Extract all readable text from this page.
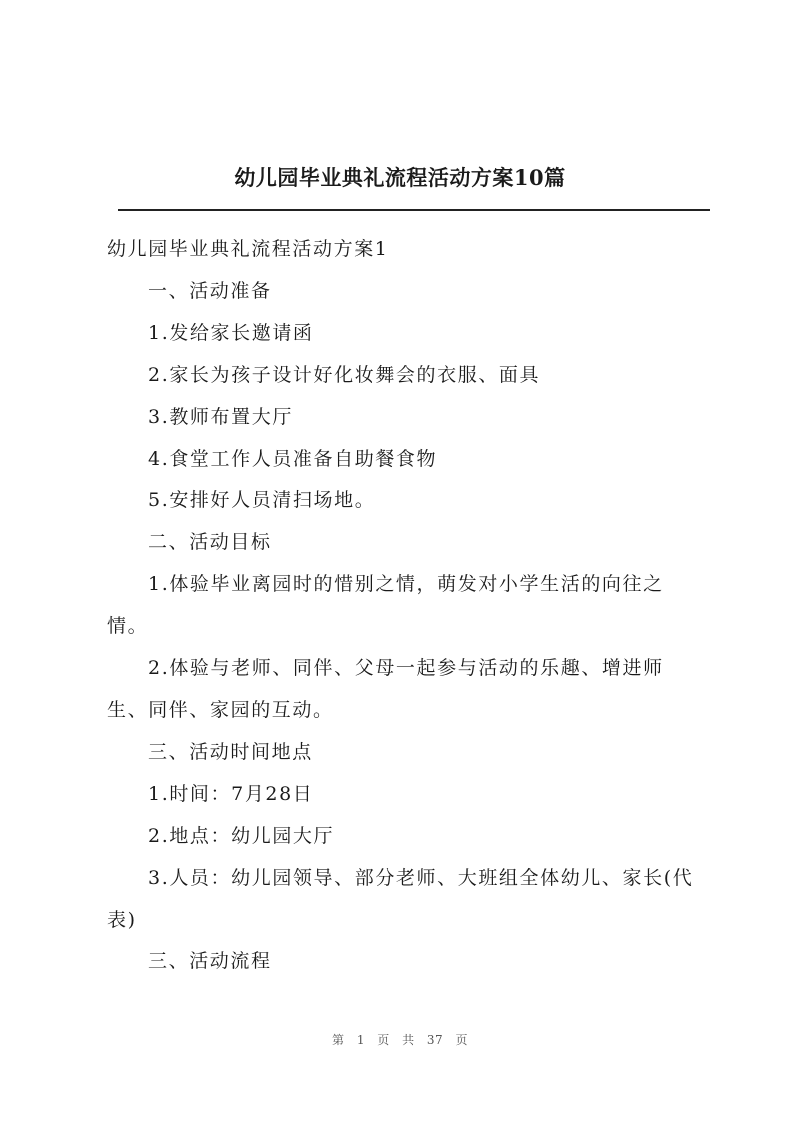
幼儿园毕业典礼流程活动方案10篇

幼儿园毕业典礼流程活动方案1

一、活动准备

1.发给家长邀请函

2.家长为孩子设计好化妆舞会的衣服、面具

3.教师布置大厅

4.食堂工作人员准备自助餐食物

5.安排好人员清扫场地。

二、活动目标

1.体验毕业离园时的惜别之情，萌发对小学生活的向往之情。

2.体验与老师、同伴、父母一起参与活动的乐趣、增进师生、同伴、家园的互动。

三、活动时间地点

1.时间：7月28日

2.地点：幼儿园大厅

3.人员：幼儿园领导、部分老师、大班组全体幼儿、家长(代表)

三、活动流程

第 1 页 共 37 页
